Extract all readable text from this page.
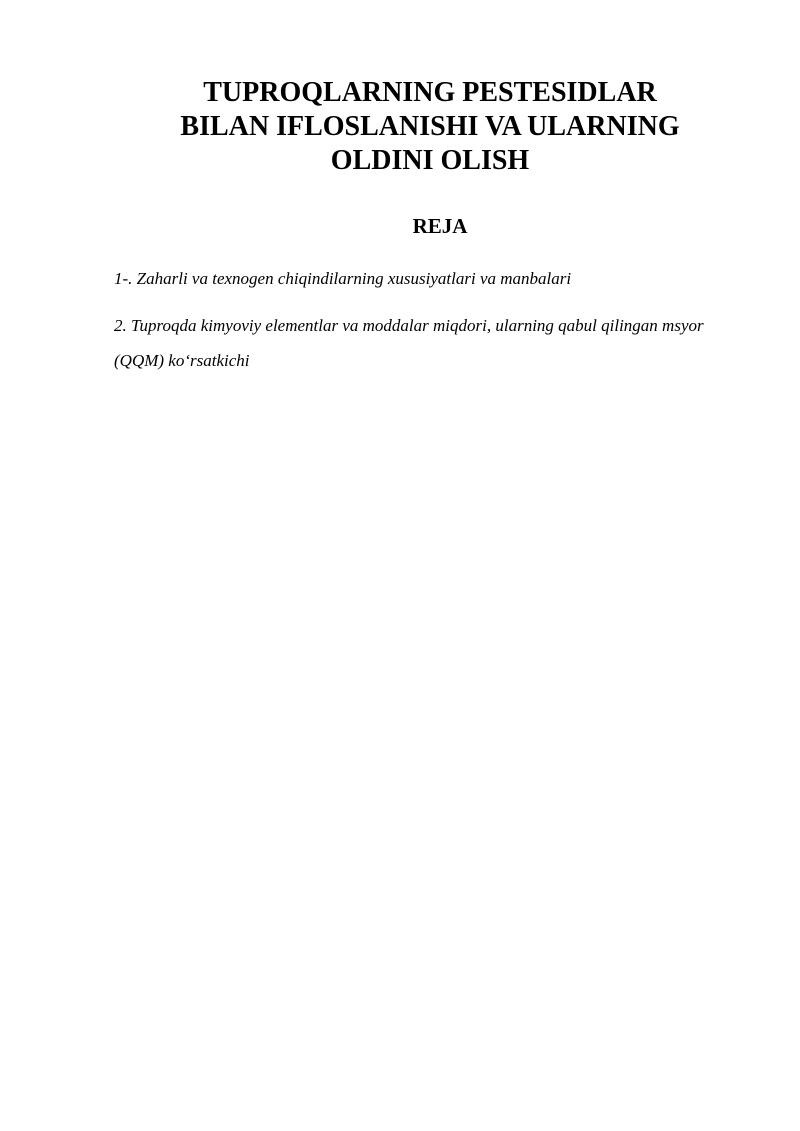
TUPROQLARNING PESTESIDLAR
BILAN IFLOSLANISHI VA ULARNING
OLDINI OLISH
REJA

1-. Zaharli va texnogen chiqindilarning xususiyatlari va manbalari

2. Tuproqda kimyoviy elementlar va moddalar miqdori, ularning qabul qilingan msyor (QQM) ko‘rsatkichi
